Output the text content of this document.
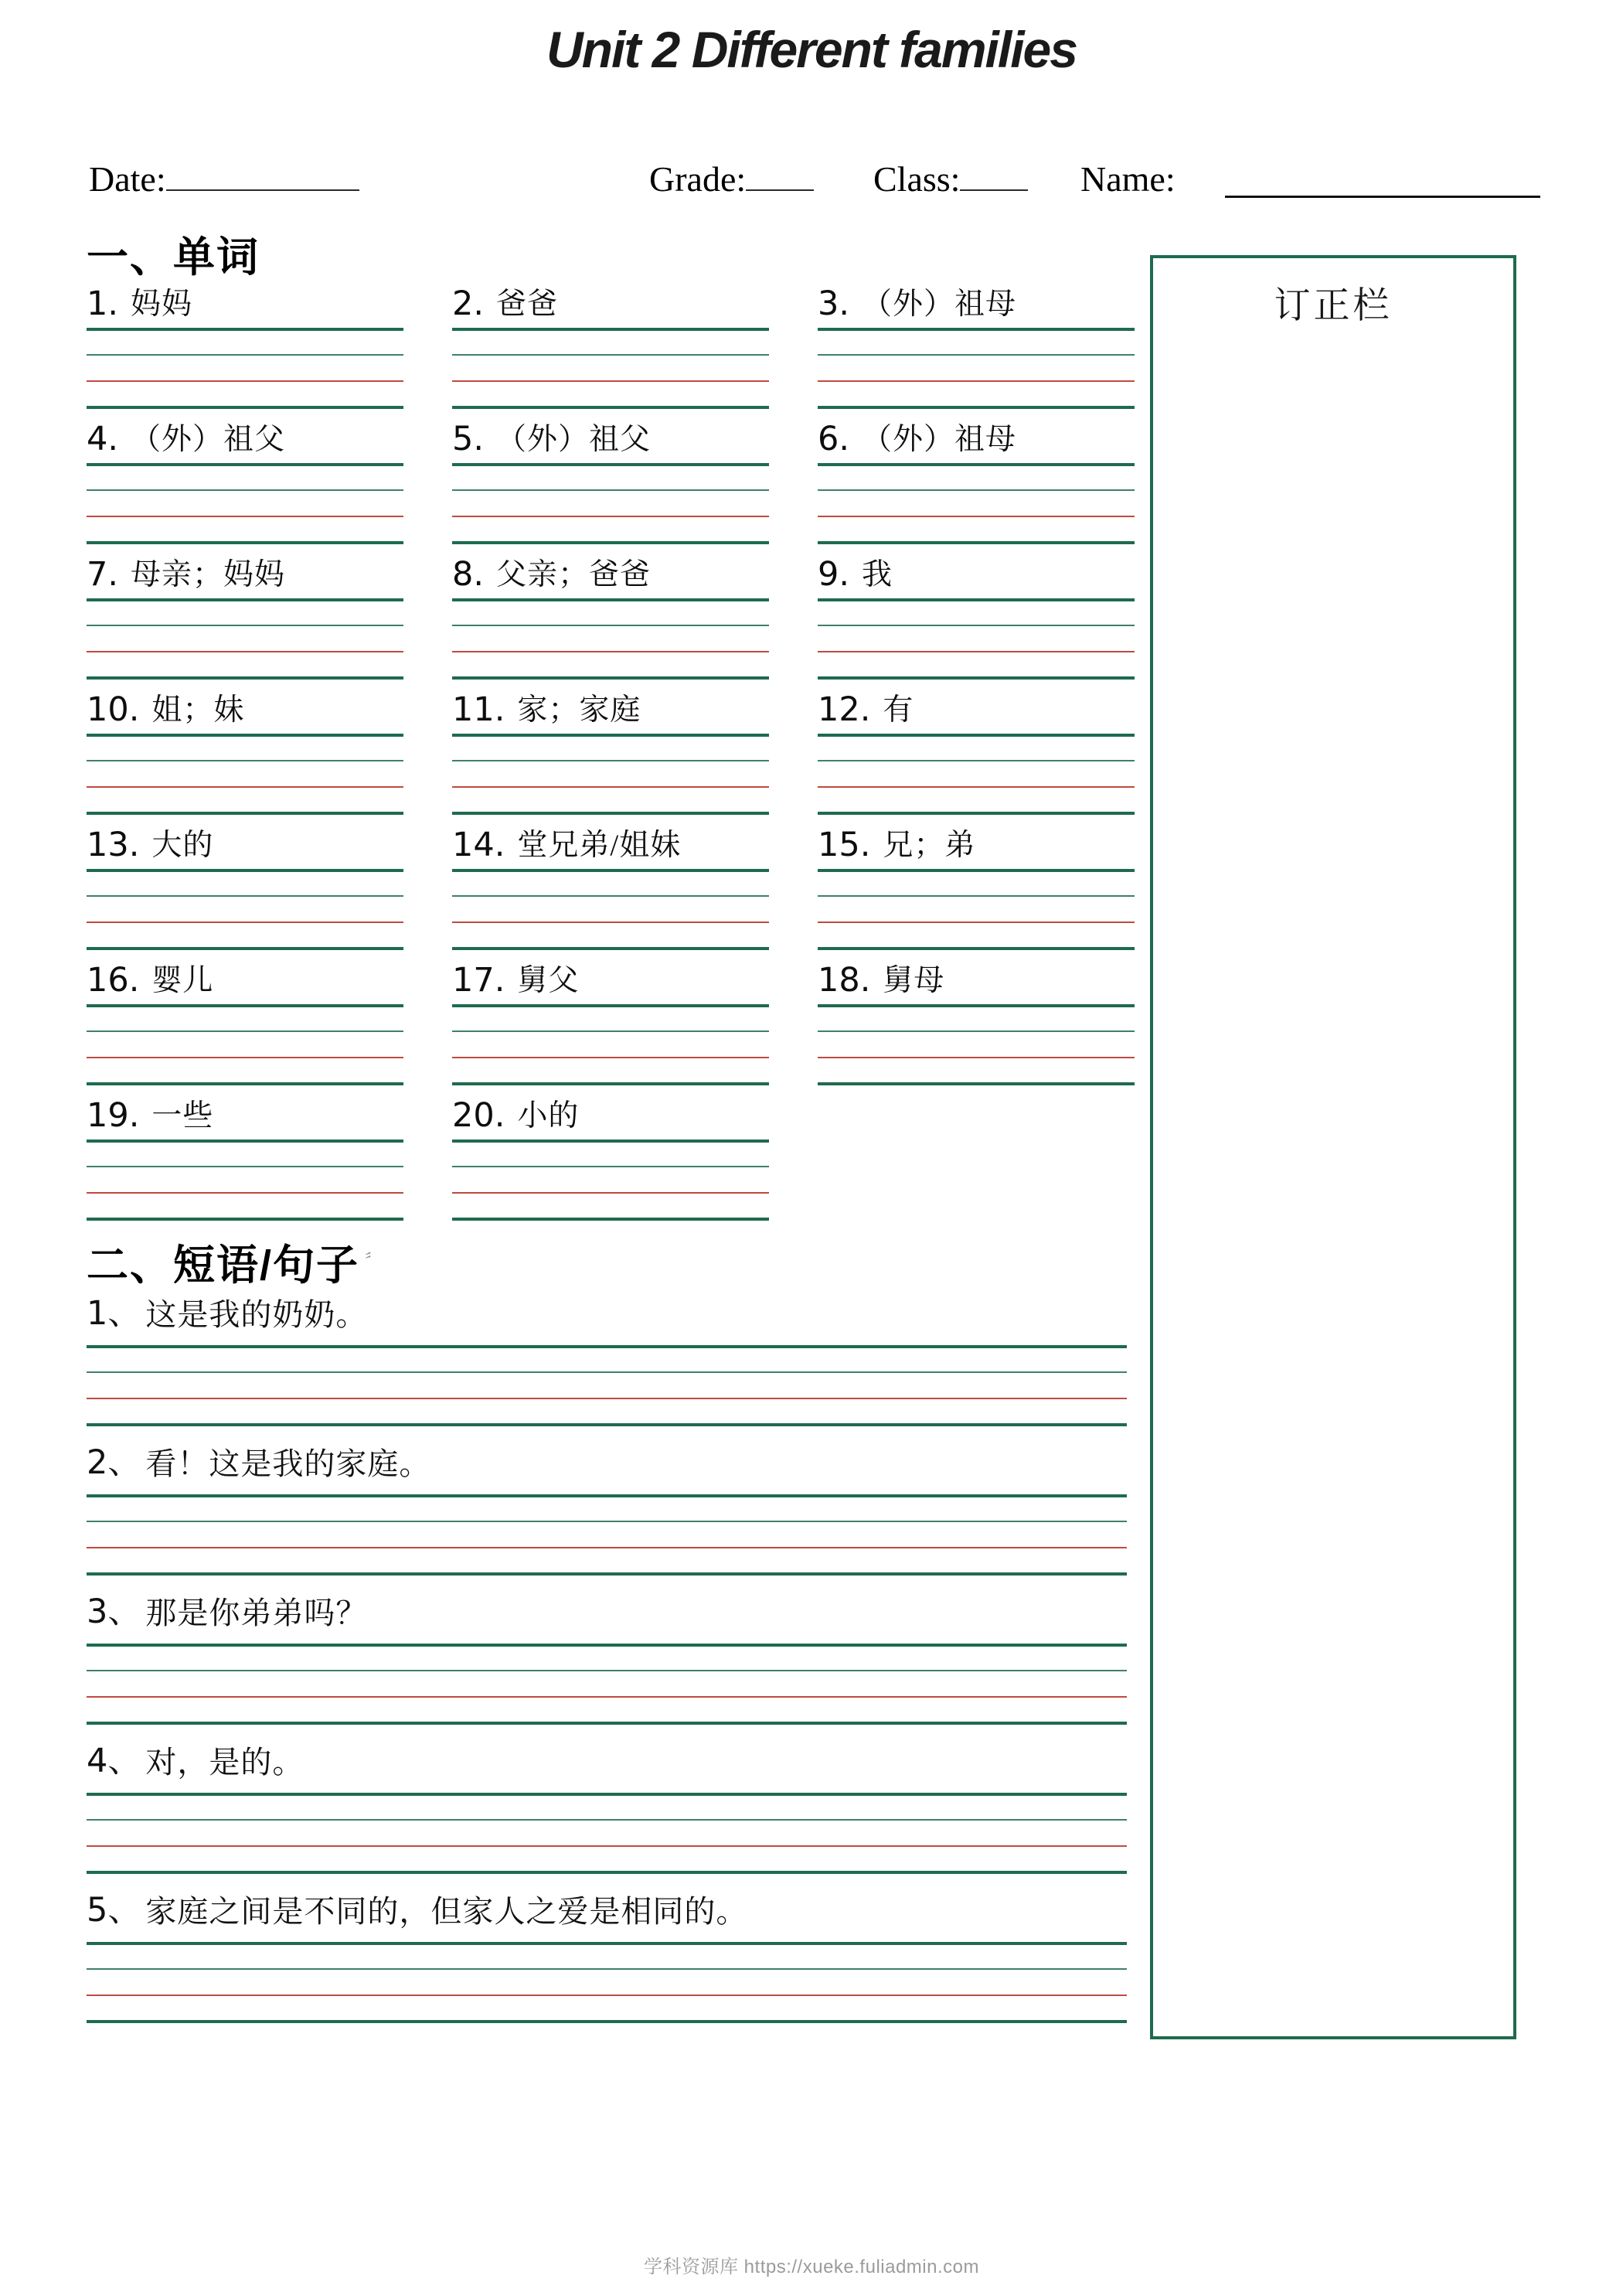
Unit 2 Different families
Date:	Grade:	Class:	Name:
一、单词
1. 妈妈	2. 爸爸	3. （外）祖母
4. （外）祖父	5. （外）祖父	6. （外）祖母
7. 母亲；妈妈	8. 父亲；爸爸	9. 我
10. 姐；妹	11. 家；家庭	12. 有
13. 大的	14. 堂兄弟/姐妹	15. 兄；弟
16. 婴儿	17. 舅父	18. 舅母
19. 一些	20. 小的
二、短语/句子 〞
1、 这是我的奶奶。
2、 看！这是我的家庭。
3、 那是你弟弟吗？
4、 对，是的。
5、 家庭之间是不同的，但家人之爱是相同的。
订正栏
学科资源库 https://xueke.fuliadmin.com
